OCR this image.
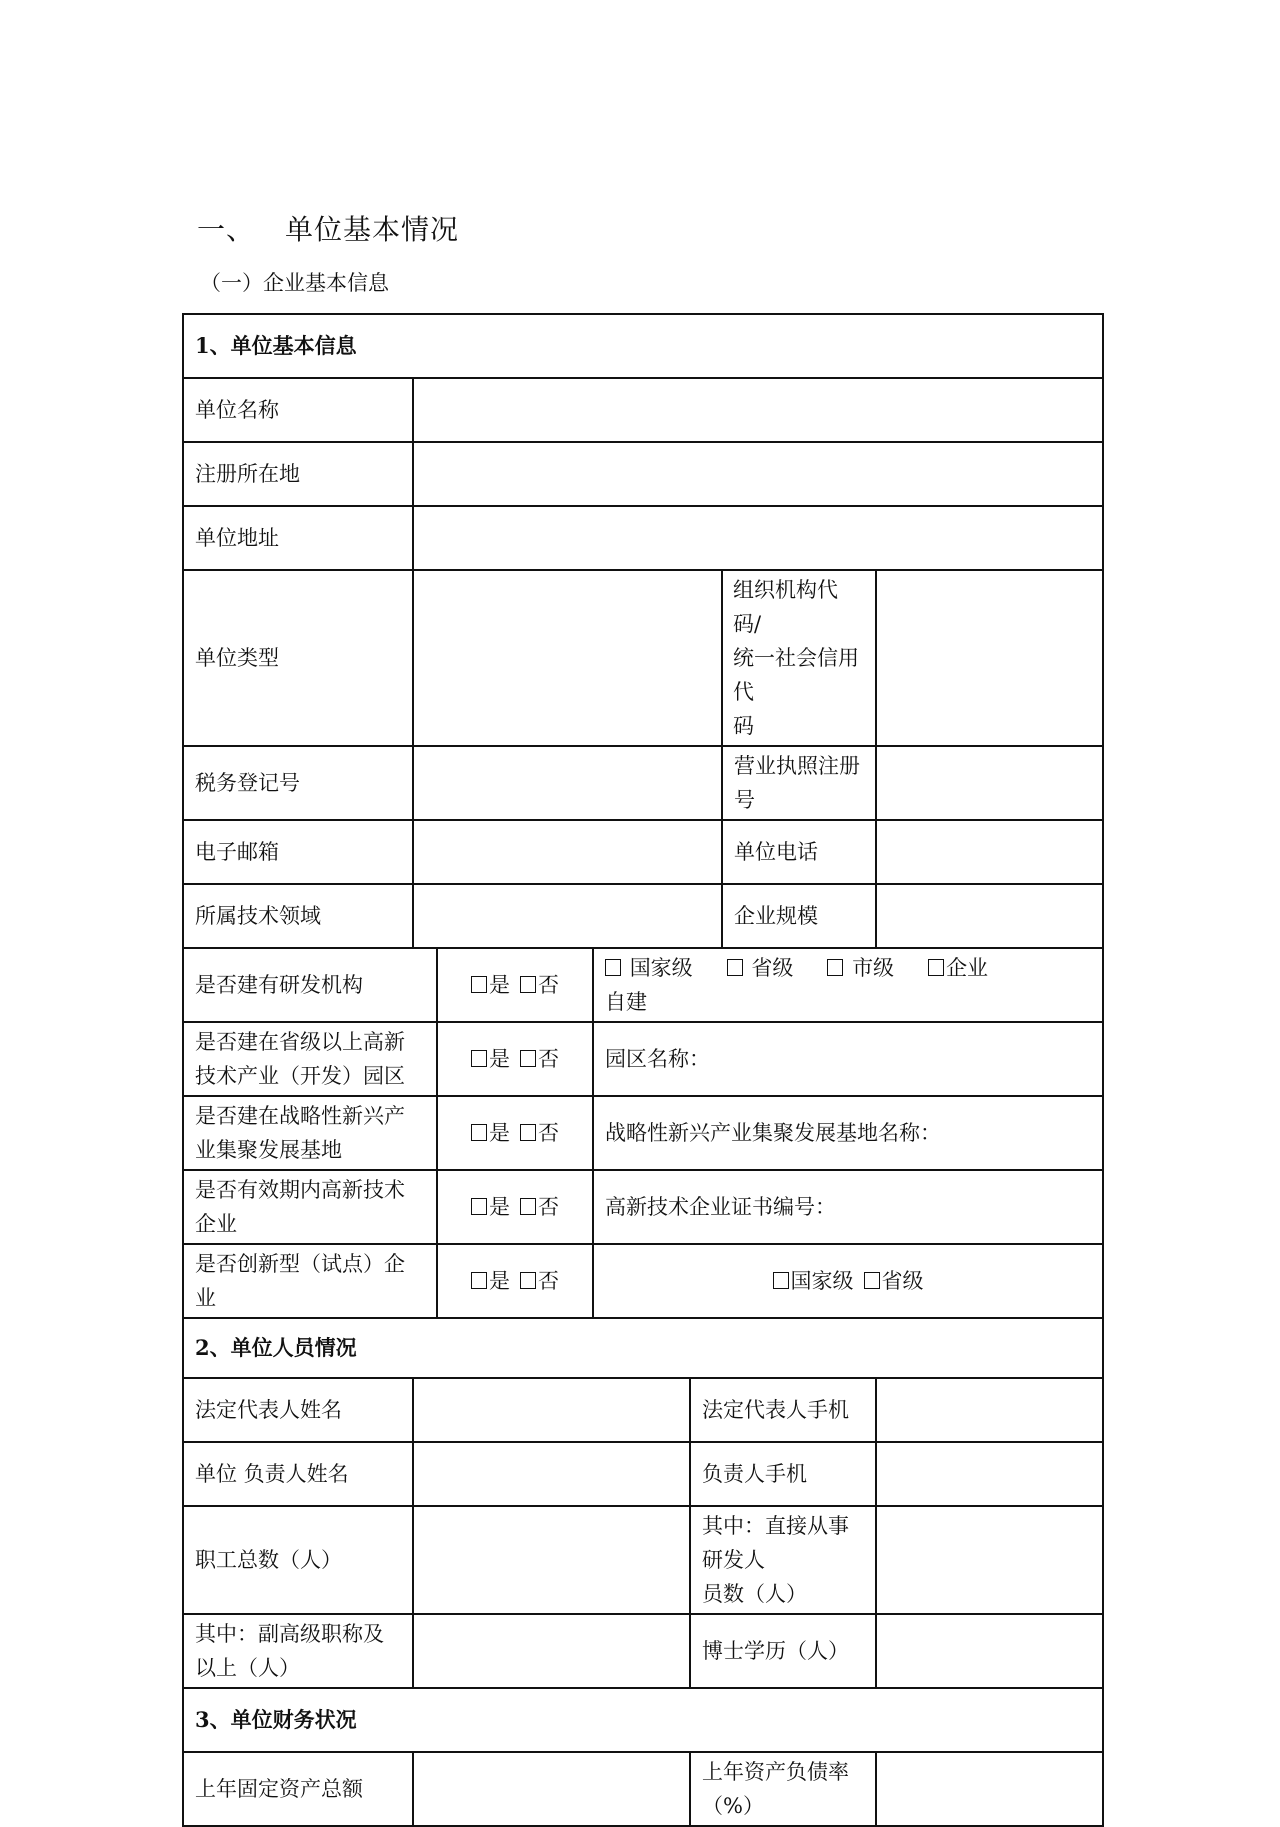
一、 单位基本情况
（一）企业基本信息
1、单位基本信息						
单位名称						
注册所在地						
单位地址						
单位类型					组织机构代码/
统一社会信用代
码	

税务登记号					营业执照注册号	
电子邮箱					单位电话	
所属技术领域					企业规模	
是否建有研发机构		是 否	国家级 省级 市级 企业
自建			

是否建在省级以上高新
技术产业（开发）园区		是 否	园区名称：			

是否建在战略性新兴产
业集聚发展基地		是 否	战略性新兴产业集聚发展基地名称：			

是否有效期内高新技术
企业		是 否	高新技术企业证书编号：			

是否创新型（试点）企
业		是 否	国家级 省级			
2、单位人员情况						
法定代表人姓名				法定代表人手机		
单位 负责人姓名				负责人手机		
职工总数（人）				其中：直接从事研发人
员数（人）		

其中：副高级职称及
以上（人）				博士学历（人）		
3、单位财务状况						
上年固定资产总额				上年资产负债率（%）		
